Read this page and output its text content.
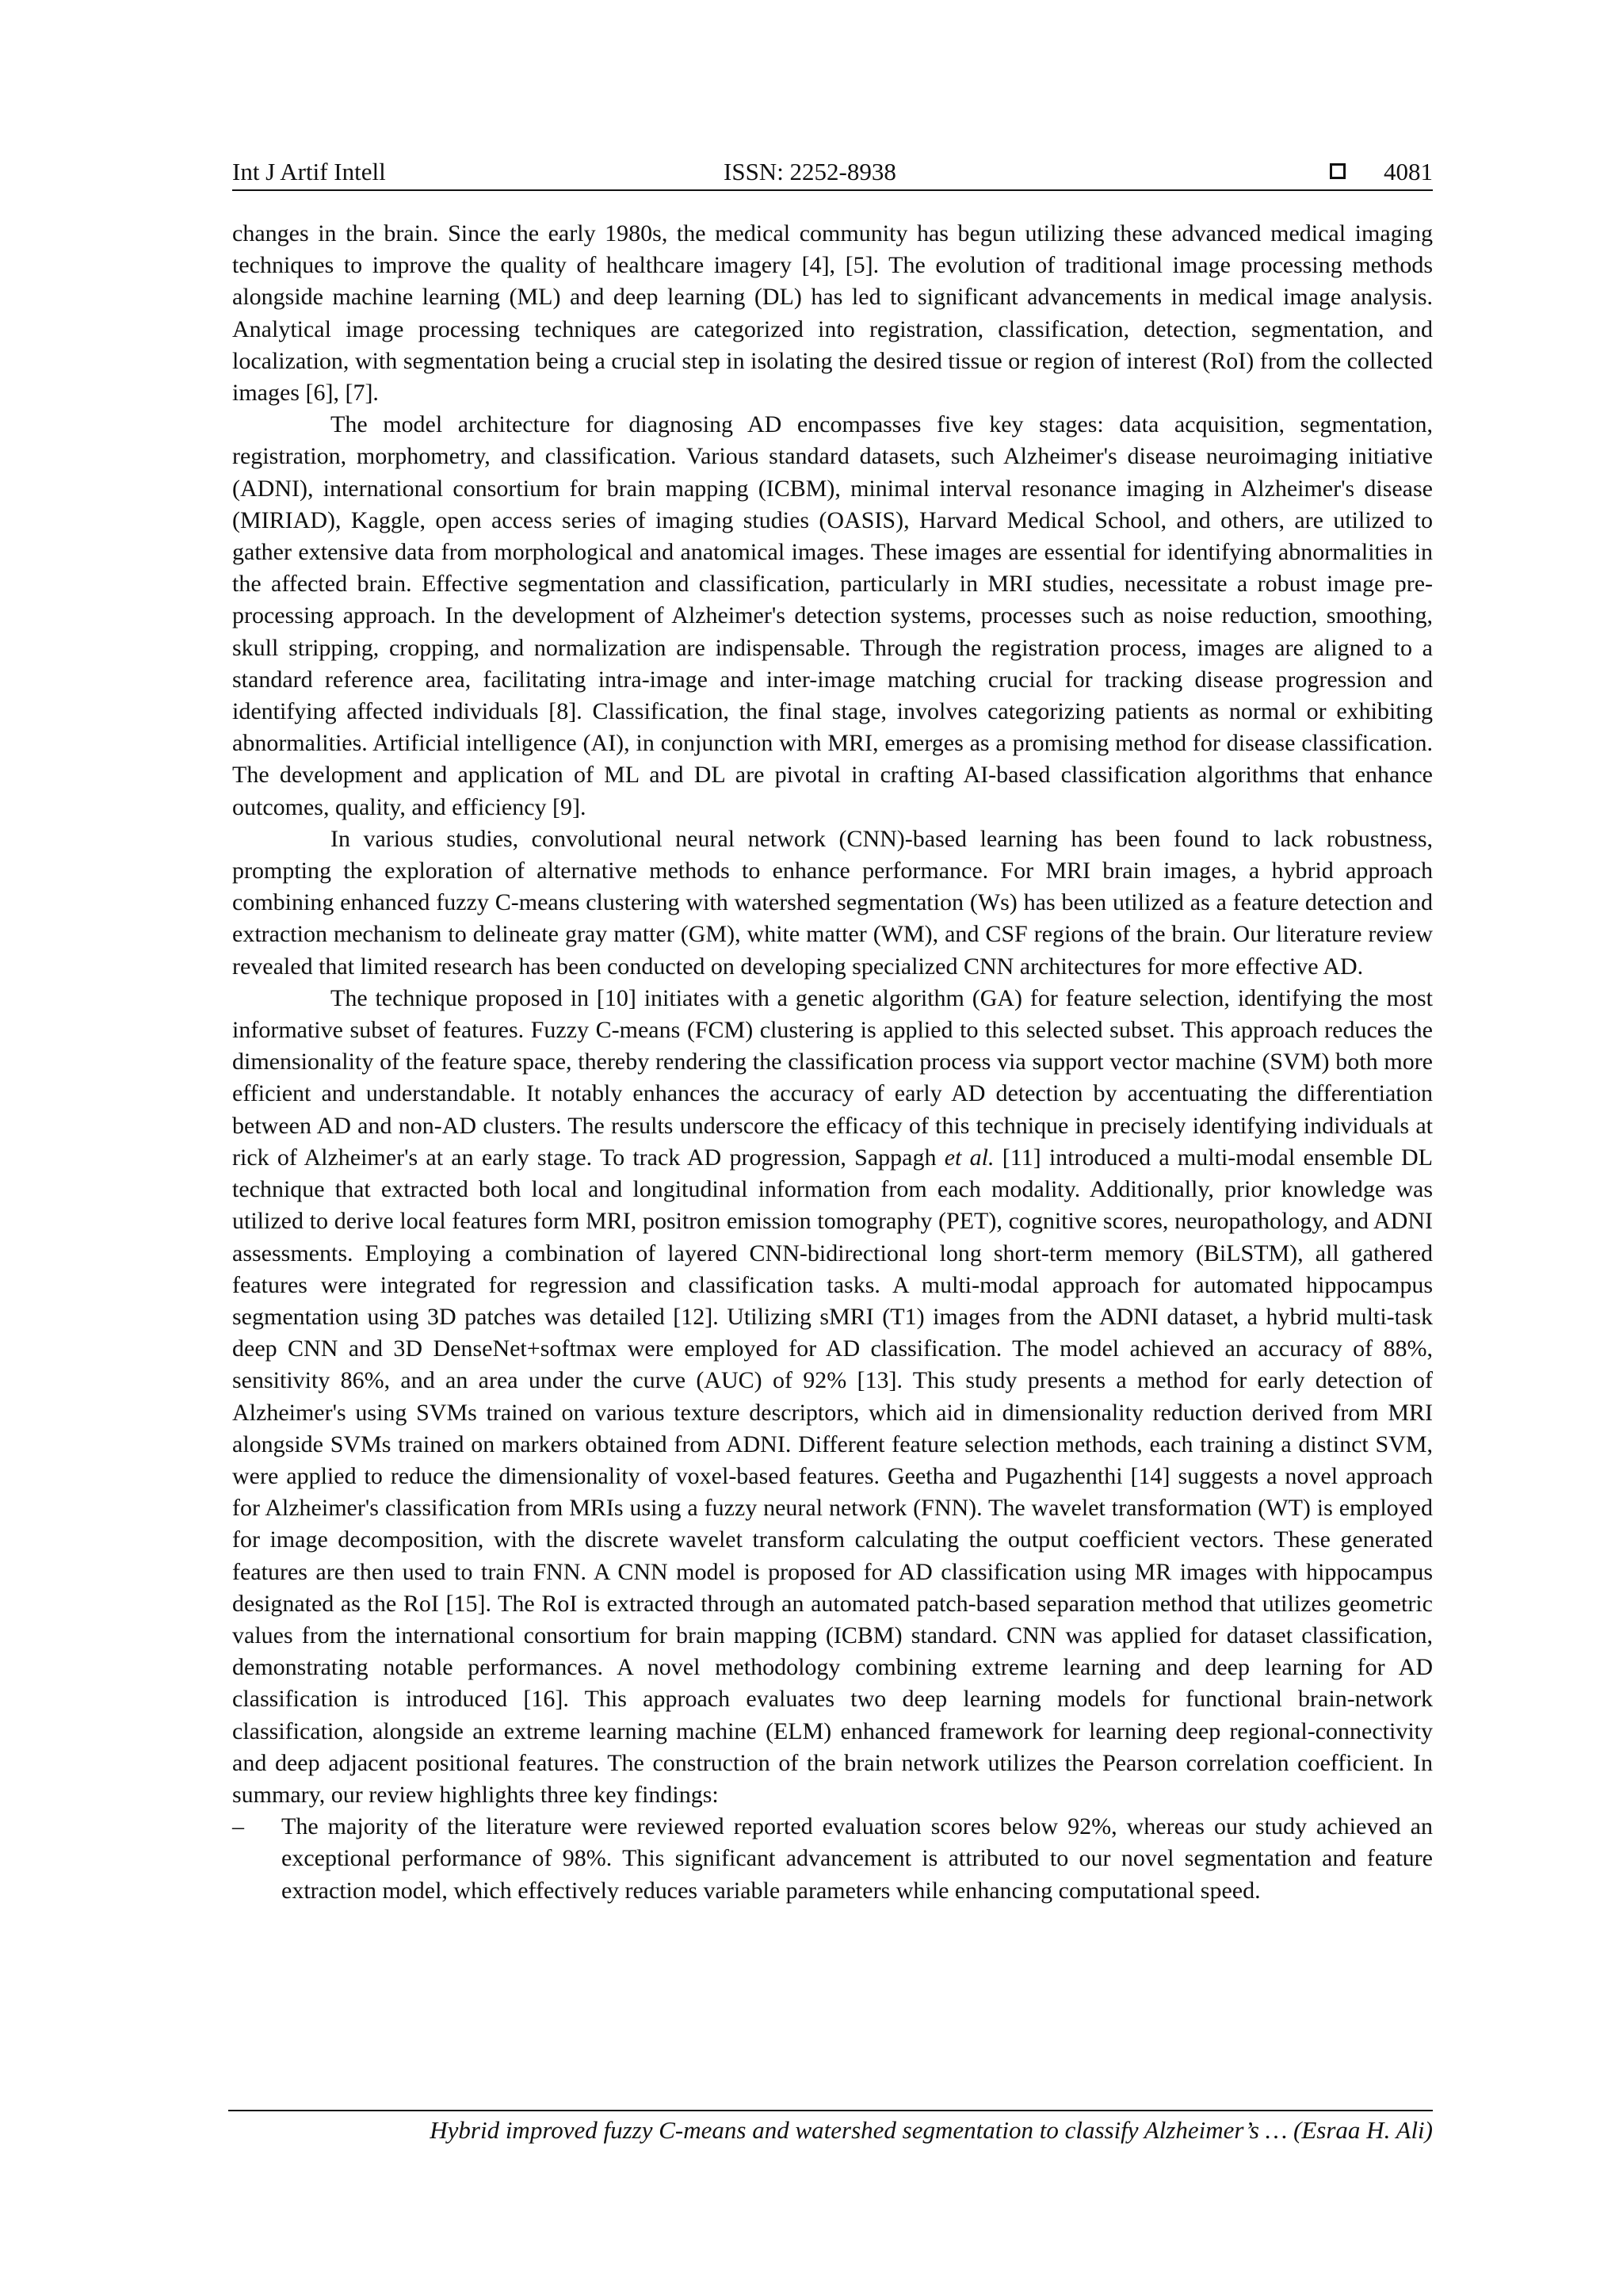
Int J Artif Intell	ISSN: 2252-8938	4081

changes in the brain. Since the early 1980s, the medical community has begun utilizing these advanced medical imaging techniques to improve the quality of healthcare imagery [4], [5]. The evolution of traditional image processing methods alongside machine learning (ML) and deep learning (DL) has led to significant advancements in medical image analysis. Analytical image processing techniques are categorized into registration, classification, detection, segmentation, and localization, with segmentation being a crucial step in isolating the desired tissue or region of interest (RoI) from the collected images [6], [7].

The model architecture for diagnosing AD encompasses five key stages: data acquisition, segmentation, registration, morphometry, and classification. Various standard datasets, such Alzheimer's disease neuroimaging initiative (ADNI), international consortium for brain mapping (ICBM), minimal interval resonance imaging in Alzheimer's disease (MIRIAD), Kaggle, open access series of imaging studies (OASIS), Harvard Medical School, and others, are utilized to gather extensive data from morphological and anatomical images. These images are essential for identifying abnormalities in the affected brain. Effective segmentation and classification, particularly in MRI studies, necessitate a robust image pre-processing approach. In the development of Alzheimer's detection systems, processes such as noise reduction, smoothing, skull stripping, cropping, and normalization are indispensable. Through the registration process, images are aligned to a standard reference area, facilitating intra-image and inter-image matching crucial for tracking disease progression and identifying affected individuals [8]. Classification, the final stage, involves categorizing patients as normal or exhibiting abnormalities. Artificial intelligence (AI), in conjunction with MRI, emerges as a promising method for disease classification. The development and application of ML and DL are pivotal in crafting AI-based classification algorithms that enhance outcomes, quality, and efficiency [9].

In various studies, convolutional neural network (CNN)-based learning has been found to lack robustness, prompting the exploration of alternative methods to enhance performance. For MRI brain images, a hybrid approach combining enhanced fuzzy C-means clustering with watershed segmentation (Ws) has been utilized as a feature detection and extraction mechanism to delineate gray matter (GM), white matter (WM), and CSF regions of the brain. Our literature review revealed that limited research has been conducted on developing specialized CNN architectures for more effective AD.

The technique proposed in [10] initiates with a genetic algorithm (GA) for feature selection, identifying the most informative subset of features. Fuzzy C-means (FCM) clustering is applied to this selected subset. This approach reduces the dimensionality of the feature space, thereby rendering the classification process via support vector machine (SVM) both more efficient and understandable. It notably enhances the accuracy of early AD detection by accentuating the differentiation between AD and non-AD clusters. The results underscore the efficacy of this technique in precisely identifying individuals at rick of Alzheimer's at an early stage. To track AD progression, Sappagh et al. [11] introduced a multi-modal ensemble DL technique that extracted both local and longitudinal information from each modality. Additionally, prior knowledge was utilized to derive local features form MRI, positron emission tomography (PET), cognitive scores, neuropathology, and ADNI assessments. Employing a combination of layered CNN-bidirectional long short-term memory (BiLSTM), all gathered features were integrated for regression and classification tasks. A multi-modal approach for automated hippocampus segmentation using 3D patches was detailed [12]. Utilizing sMRI (T1) images from the ADNI dataset, a hybrid multi-task deep CNN and 3D DenseNet+softmax were employed for AD classification. The model achieved an accuracy of 88%, sensitivity 86%, and an area under the curve (AUC) of 92% [13]. This study presents a method for early detection of Alzheimer's using SVMs trained on various texture descriptors, which aid in dimensionality reduction derived from MRI alongside SVMs trained on markers obtained from ADNI. Different feature selection methods, each training a distinct SVM, were applied to reduce the dimensionality of voxel-based features. Geetha and Pugazhenthi [14] suggests a novel approach for Alzheimer's classification from MRIs using a fuzzy neural network (FNN). The wavelet transformation (WT) is employed for image decomposition, with the discrete wavelet transform calculating the output coefficient vectors. These generated features are then used to train FNN. A CNN model is proposed for AD classification using MR images with hippocampus designated as the RoI [15]. The RoI is extracted through an automated patch-based separation method that utilizes geometric values from the international consortium for brain mapping (ICBM) standard. CNN was applied for dataset classification, demonstrating notable performances. A novel methodology combining extreme learning and deep learning for AD classification is introduced [16]. This approach evaluates two deep learning models for functional brain-network classification, alongside an extreme learning machine (ELM) enhanced framework for learning deep regional-connectivity and deep adjacent positional features. The construction of the brain network utilizes the Pearson correlation coefficient. In summary, our review highlights three key findings:

– The majority of the literature were reviewed reported evaluation scores below 92%, whereas our study achieved an exceptional performance of 98%. This significant advancement is attributed to our novel segmentation and feature extraction model, which effectively reduces variable parameters while enhancing computational speed.
Hybrid improved fuzzy C-means and watershed segmentation to classify Alzheimer’s … (Esraa H. Ali)
